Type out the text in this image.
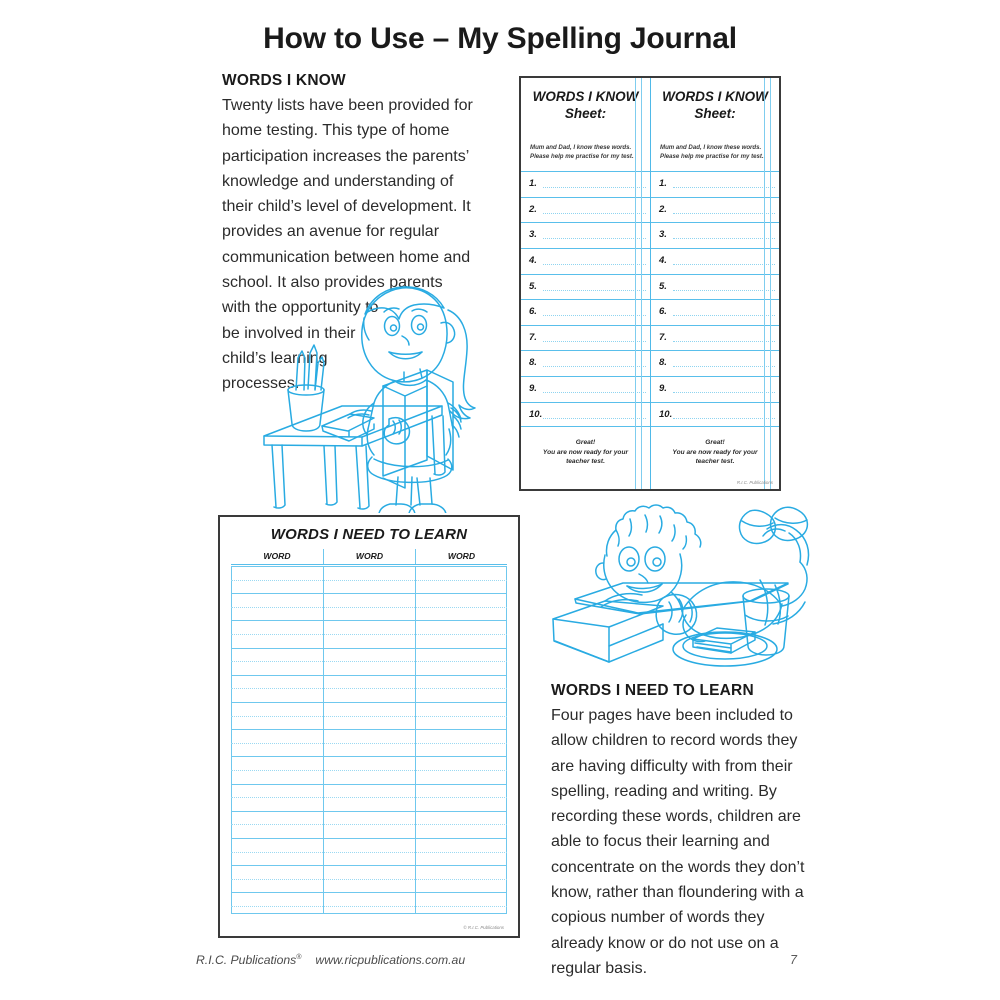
How to Use – My Spelling Journal
WORDS I KNOW
Twenty lists have been provided for home testing. This type of home participation increases the parents’ knowledge and understanding of their child’s level of development. It provides an avenue for regular communication between home and school. It also provides parents
with the opportunity to be involved in their child’s learning processes.
WORDS I KNOW
Sheet:
Mum and Dad, I know these words.
Please help me practise for my test.
1.
2.
3.
4.
5.
6.
7.
8.
9.
10.
Great!
You are now ready for your
teacher test.
WORDS I KNOW
Sheet:
Mum and Dad, I know these words.
Please help me practise for my test.
1.
2.
3.
4.
5.
6.
7.
8.
9.
10.
Great!
You are now ready for your
teacher test.
R.I.C. Publications
WORDS I NEED TO LEARN
WORD	WORD	WORD
© R.I.C. Publications
WORDS I NEED TO LEARN
Four pages have been included to allow children to record words they are having difficulty with from their spelling, reading and writing. By recording these words, children are able to focus their learning and concentrate on the words they don’t know, rather than floundering with a copious number of words they already know or do not use on a regular basis.
R.I.C. Publications® www.ricpublications.com.au	7
